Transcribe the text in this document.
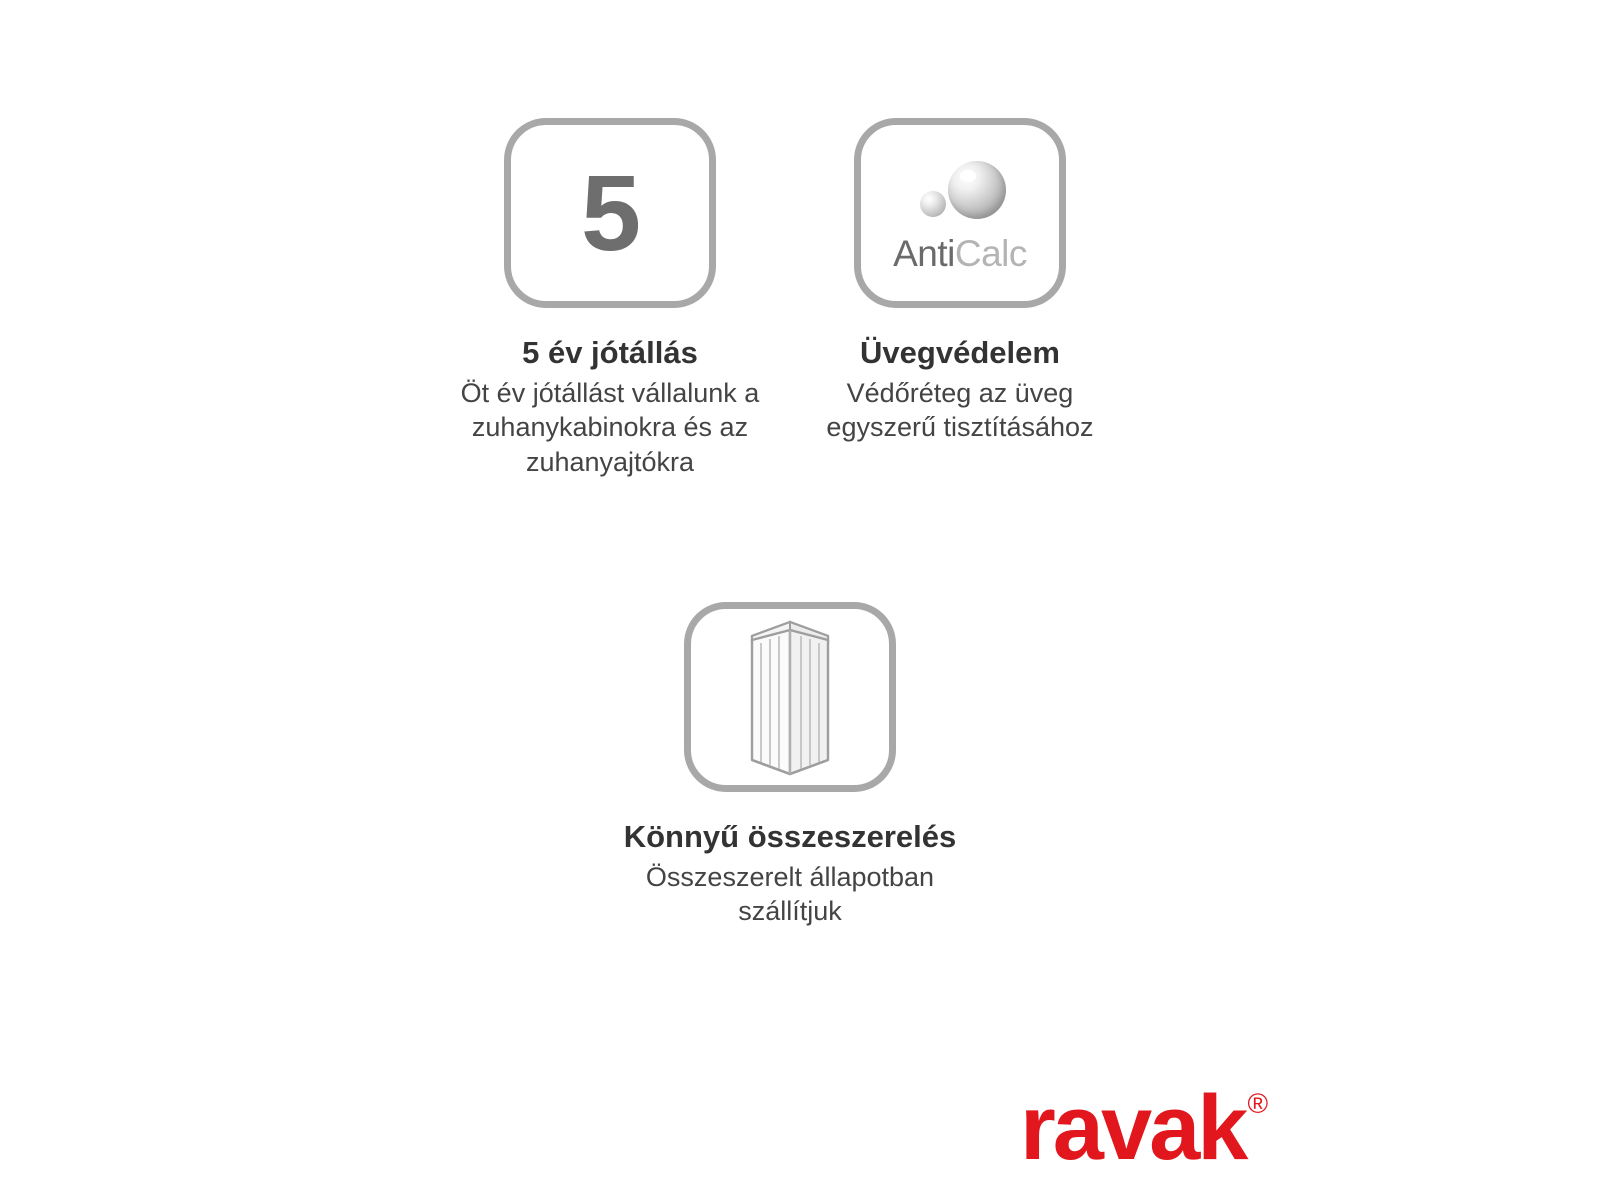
5
5 év jótállás
Öt év jótállást vállalunk a zuhanykabinokra és az zuhanyajtókra
AntiCalc
Üvegvédelem
Védőréteg az üveg egyszerű tisztításához
Könnyű összeszerelés
Összeszerelt állapotban szállítjuk
ravak ®
